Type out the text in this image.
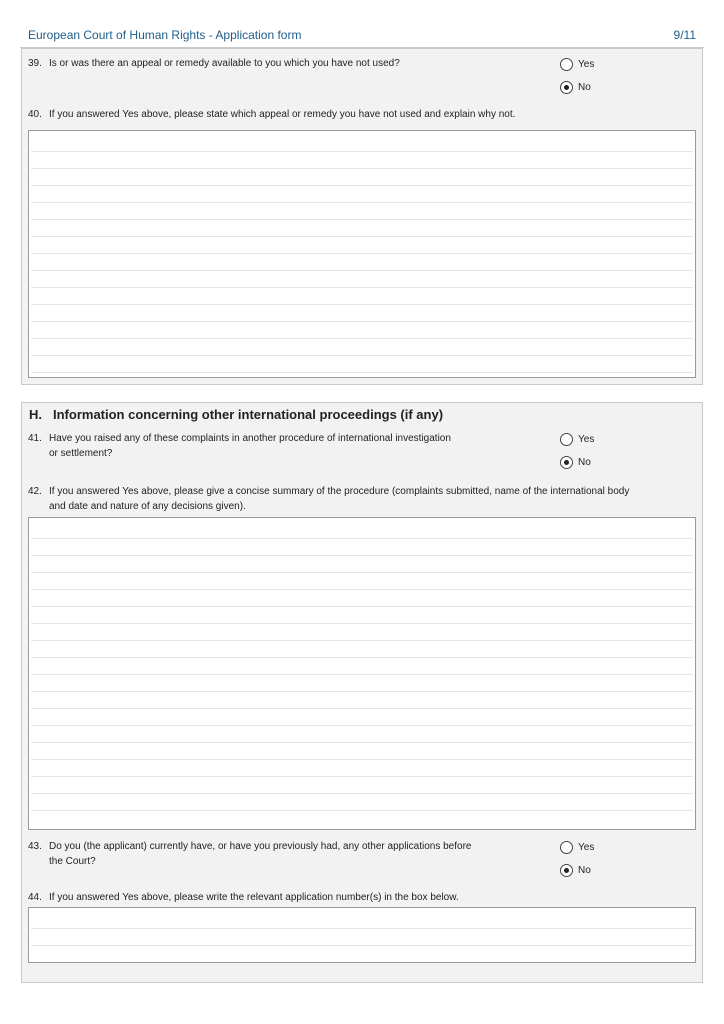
European Court of Human Rights - Application form	9/11
39. Is or was there an appeal or remedy available to you which you have not used?	Yes
No
40. If you answered Yes above, please state which appeal or remedy you have not used and explain why not.
H. Information concerning other international proceedings (if any)
41. Have you raised any of these complaints in another procedure of international investigation
or settlement?
Yes
No
42. If you answered Yes above, please give a concise summary of the procedure (complaints submitted, name of the international body
and date and nature of any decisions given).
43. Do you (the applicant) currently have, or have you previously had, any other applications before
the Court?
Yes
No
44. If you answered Yes above, please write the relevant application number(s) in the box below.
